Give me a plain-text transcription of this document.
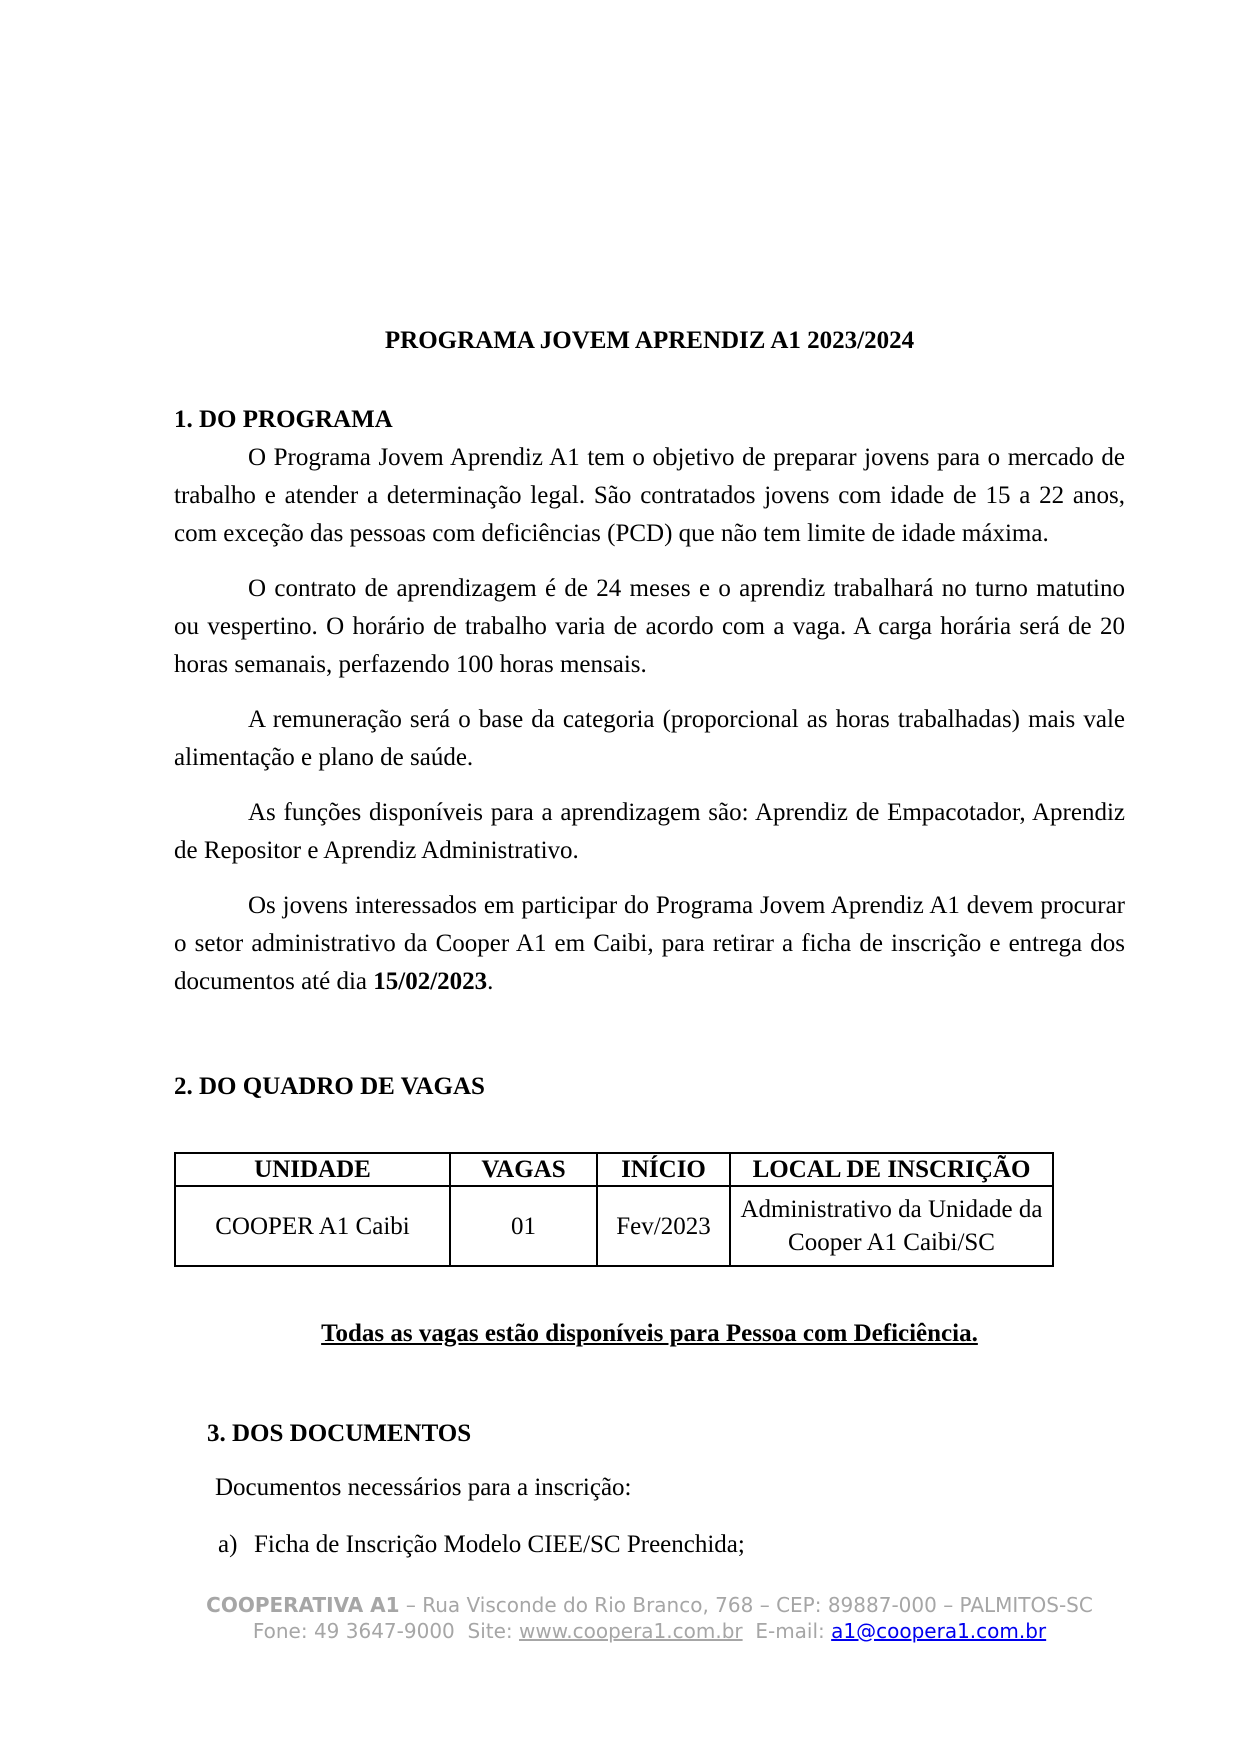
PROGRAMA JOVEM APRENDIZ A1 2023/2024
1. DO PROGRAMA

O Programa Jovem Aprendiz A1 tem o objetivo de preparar jovens para o mercado de trabalho e atender a determinação legal. São contratados jovens com idade de 15 a 22 anos, com exceção das pessoas com deficiências (PCD) que não tem limite de idade máxima.

O contrato de aprendizagem é de 24 meses e o aprendiz trabalhará no turno matutino ou vespertino. O horário de trabalho varia de acordo com a vaga. A carga horária será de 20 horas semanais, perfazendo 100 horas mensais.

A remuneração será o base da categoria (proporcional as horas trabalhadas) mais vale alimentação e plano de saúde.

As funções disponíveis para a aprendizagem são: Aprendiz de Empacotador, Aprendiz de Repositor e Aprendiz Administrativo.

Os jovens interessados em participar do Programa Jovem Aprendiz A1 devem procurar o setor administrativo da Cooper A1 em Caibi, para retirar a ficha de inscrição e entrega dos documentos até dia 15/02/2023.

2. DO QUADRO DE VAGAS
UNIDADE	VAGAS	INÍCIO	LOCAL DE INSCRIÇÃO
COOPER A1 Caibi	01	Fev/2023	Administrativo da Unidade da Cooper A1 Caibi/SC
Todas as vagas estão disponíveis para Pessoa com Deficiência.
3. DOS DOCUMENTOS
Documentos necessários para a inscrição:
a) Ficha de Inscrição Modelo CIEE/SC Preenchida;
COOPERATIVA A1 – Rua Visconde do Rio Branco, 768 – CEP: 89887-000 – PALMITOS-SC
Fone: 49 3647-9000 Site: www.coopera1.com.br E-mail: a1@coopera1.com.br
